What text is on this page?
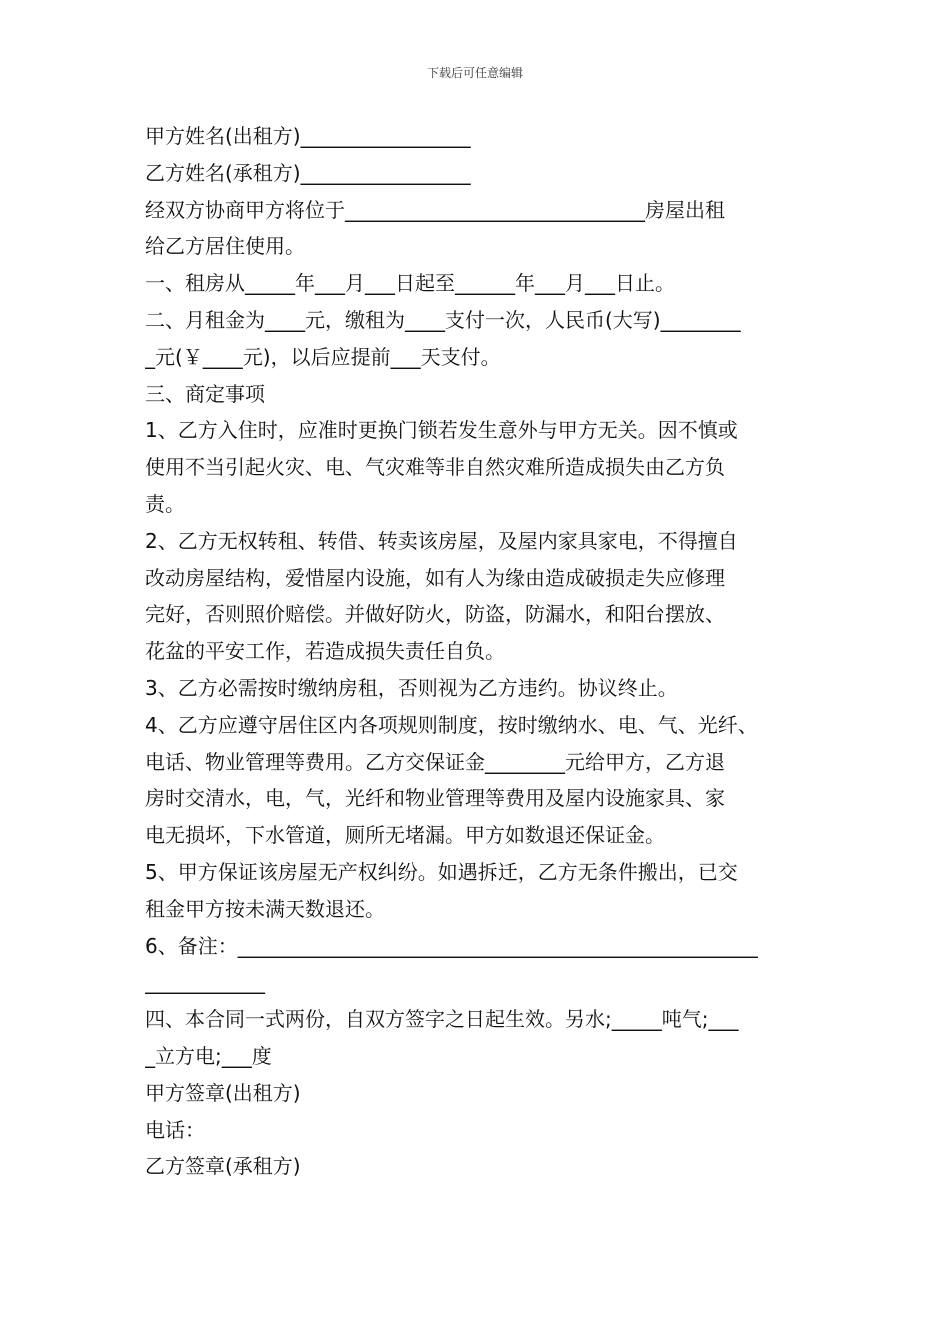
下载后可任意编辑
甲方姓名(出租方)_________________
乙方姓名(承租方)_________________
经双方协商甲方将位于______________________________房屋出租
给乙方居住使用。
一、租房从_____年___月___日起至______年___月___日止。
二、月租金为____元，缴租为____支付一次，人民币(大写)________
_元(￥____元)，以后应提前___天支付。
三、商定事项
1、乙方入住时，应准时更换门锁若发生意外与甲方无关。因不慎或
使用不当引起火灾、电、气灾难等非自然灾难所造成损失由乙方负
责。
2、乙方无权转租、转借、转卖该房屋，及屋内家具家电，不得擅自
改动房屋结构，爱惜屋内设施，如有人为缘由造成破损走失应修理
完好，否则照价赔偿。并做好防火，防盗，防漏水，和阳台摆放、
花盆的平安工作，若造成损失责任自负。
3、乙方必需按时缴纳房租，否则视为乙方违约。协议终止。
4、乙方应遵守居住区内各项规则制度，按时缴纳水、电、气、光纤、
电话、物业管理等费用。乙方交保证金________元给甲方，乙方退
房时交清水，电，气，光纤和物业管理等费用及屋内设施家具、家
电无损坏，下水管道，厕所无堵漏。甲方如数退还保证金。
5、甲方保证该房屋无产权纠纷。如遇拆迁，乙方无条件搬出，已交
租金甲方按未满天数退还。
6、备注：____________________________________________________
____________
四、本合同一式两份，自双方签字之日起生效。另水;_____吨气;___
_立方电;___度
甲方签章(出租方)
电话：
乙方签章(承租方)
